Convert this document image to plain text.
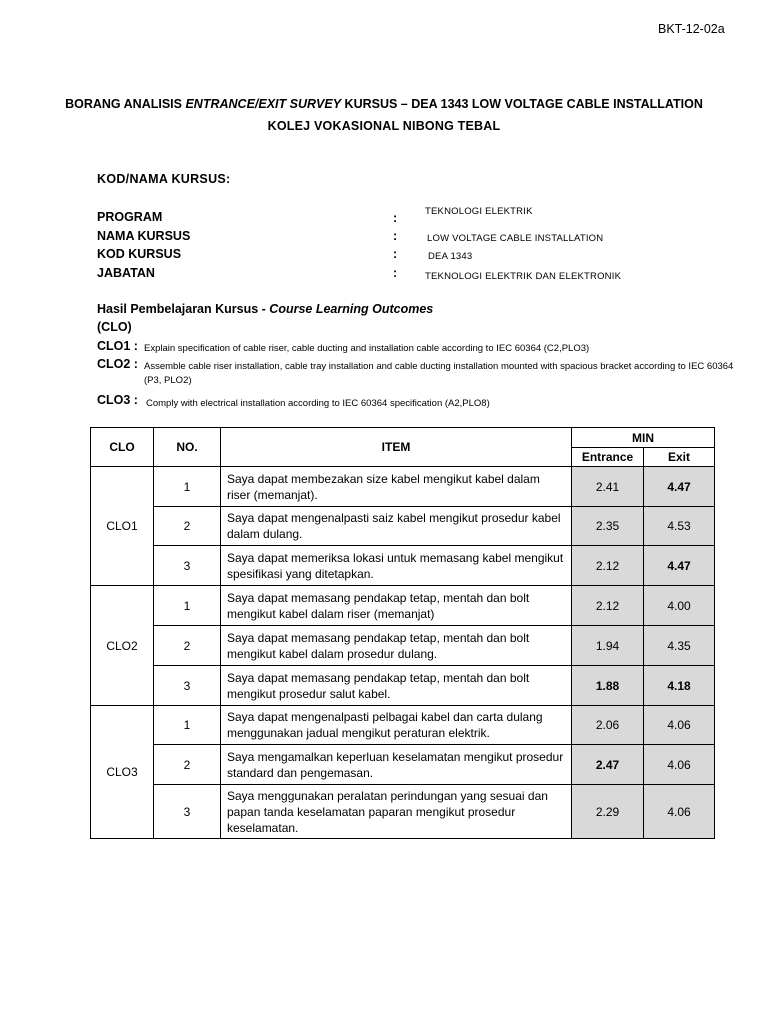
BKT-12-02a
BORANG ANALISIS ENTRANCE/EXIT SURVEY KURSUS – DEA 1343 LOW VOLTAGE CABLE INSTALLATION
KOLEJ VOKASIONAL NIBONG TEBAL
KOD/NAMA KURSUS:
PROGRAM	:	TEKNOLOGI ELEKTRIK
NAMA KURSUS	:	LOW VOLTAGE CABLE INSTALLATION
KOD KURSUS	:	DEA 1343
JABATAN	:	TEKNOLOGI ELEKTRIK DAN ELEKTRONIK
Hasil Pembelajaran Kursus - Course Learning Outcomes
(CLO)
CLO1 : Explain specification of cable riser, cable ducting and installation cable according to IEC 60364 (C2,PLO3)
CLO2 : Assemble cable riser installation, cable tray installation and cable ducting installation mounted with spacious bracket according to IEC 60364 (P3, PLO2)
CLO3 : Comply with electrical installation according to IEC 60364 specification (A2,PLO8)
CLO	NO.	ITEM	MIN	
			Entrance	Exit
CLO1	1	Saya dapat membezakan size kabel mengikut kabel dalam riser (memanjat).	2.41	4.47
	2	Saya dapat mengenalpasti saiz kabel mengikut prosedur kabel dalam dulang.	2.35	4.53
	3	Saya dapat memeriksa lokasi untuk memasang kabel mengikut spesifikasi yang ditetapkan.	2.12	4.47
CLO2	1	Saya dapat memasang pendakap tetap, mentah dan bolt mengikut kabel dalam riser (memanjat)	2.12	4.00
	2	Saya dapat memasang pendakap tetap, mentah dan bolt mengikut kabel dalam prosedur dulang.	1.94	4.35
	3	Saya dapat memasang pendakap tetap, mentah dan bolt mengikut prosedur salut kabel.	1.88	4.18
CLO3	1	Saya dapat mengenalpasti pelbagai kabel dan carta dulang menggunakan jadual mengikut peraturan elektrik.	2.06	4.06
	2	Saya mengamalkan keperluan keselamatan mengikut prosedur standard dan pengemasan.	2.47	4.06
	3	Saya menggunakan peralatan perindungan yang sesuai dan papan tanda keselamatan paparan mengikut prosedur keselamatan.	2.29	4.06
